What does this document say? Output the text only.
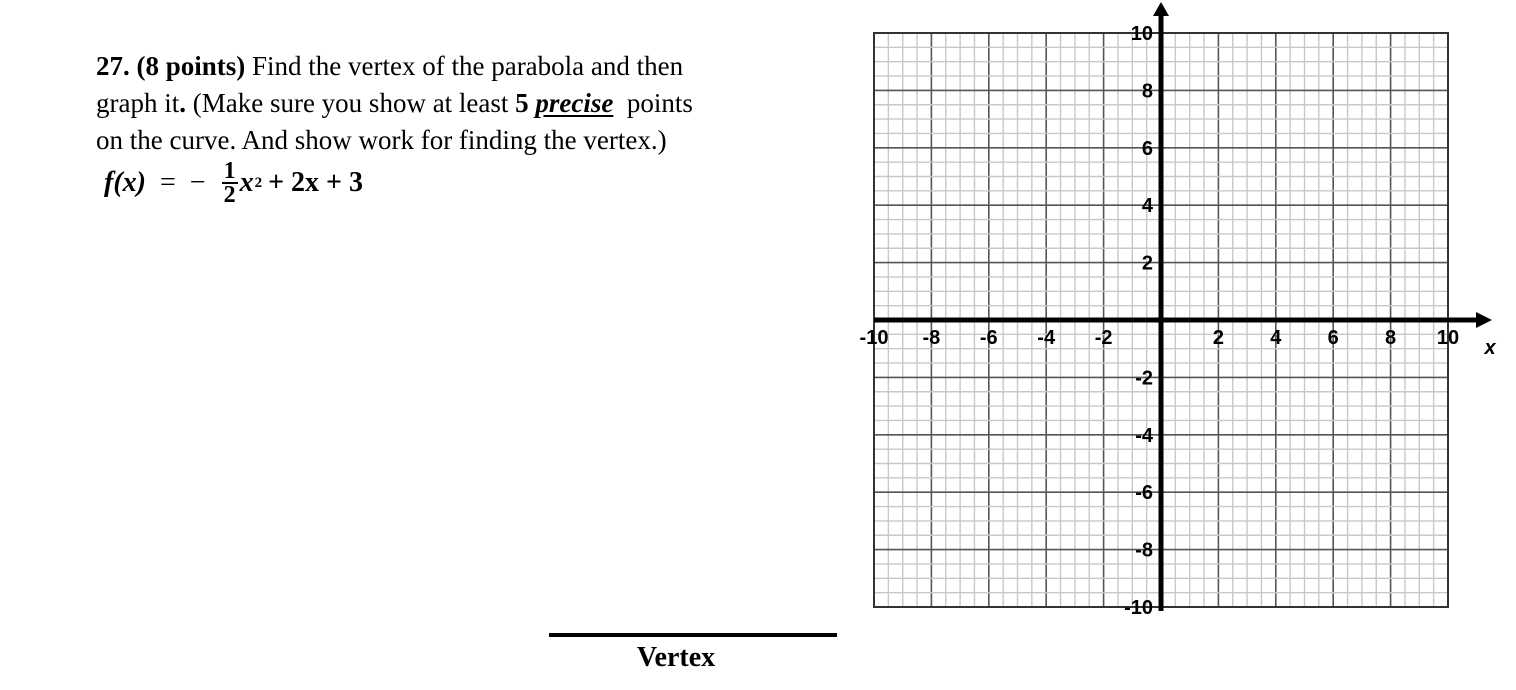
27. (8 points) Find the vertex of the parabola and then
graph it. (Make sure you show at least 5 precise points
on the curve. And show work for finding the vertex.)
f(x) = − $\frac{1}{2}$ x 2 + 2x + 3
Vertex
-10 -8 -6 -4 -2	2 4 6 8 10
10
8
6
4
2
-2
-4
-6
-8
-10
x
